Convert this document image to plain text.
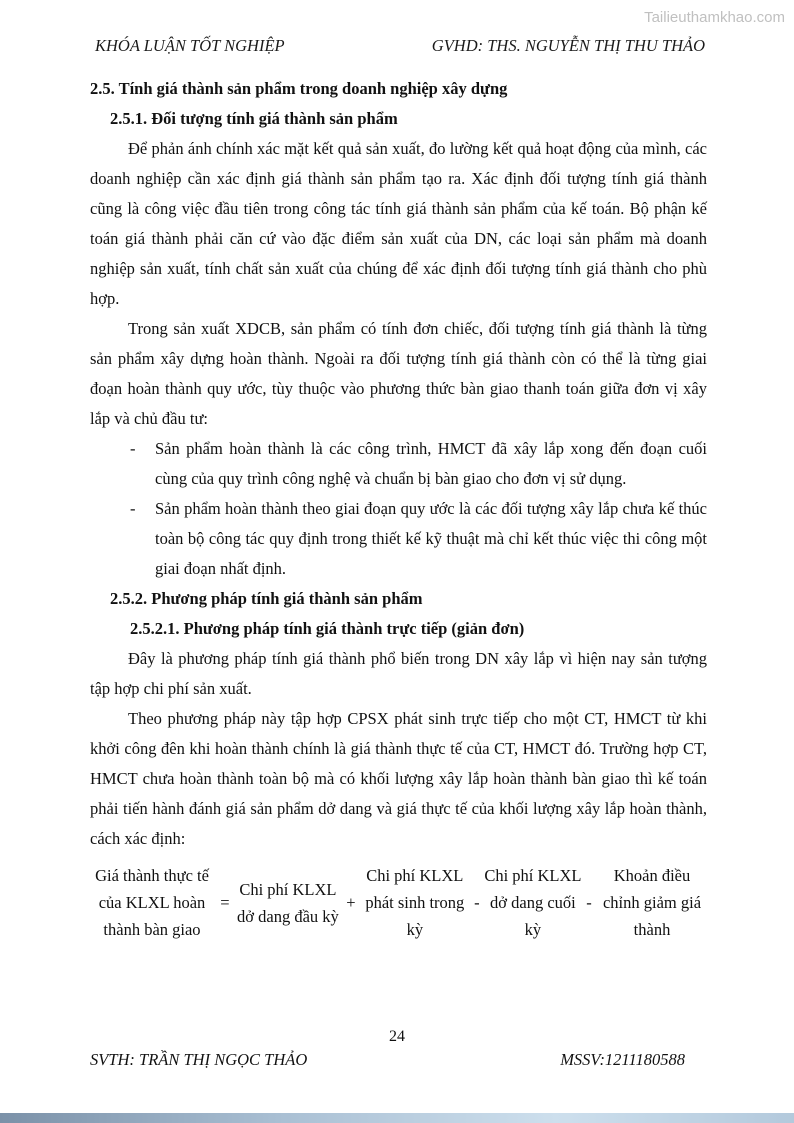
Tailieuthamkhao.com
KHÓA LUẬN TỐT NGHIỆP	GVHD: THS. NGUYỄN THỊ THU THẢO
2.5. Tính giá thành sản phẩm trong doanh nghiệp xây dựng
2.5.1. Đối tượng tính giá thành sản phẩm
Để phản ánh chính xác mặt kết quả sản xuất, đo lường kết quả hoạt động của mình, các doanh nghiệp cần xác định giá thành sản phẩm tạo ra. Xác định đối tượng tính giá thành cũng là công việc đầu tiên trong công tác tính giá thành sản phẩm của kế toán. Bộ phận kế toán giá thành phải căn cứ vào đặc điểm sản xuất của DN, các loại sản phẩm mà doanh nghiệp sản xuất, tính chất sản xuất của chúng để xác định đối tượng tính giá thành cho phù hợp.
Trong sản xuất XDCB, sản phẩm có tính đơn chiếc, đối tượng tính giá thành là từng sản phẩm xây dựng hoàn thành. Ngoài ra đối tượng tính giá thành còn có thể là từng giai đoạn hoàn thành quy ước, tùy thuộc vào phương thức bàn giao thanh toán giữa đơn vị xây lắp và chủ đầu tư:
-	Sản phẩm hoàn thành là các công trình, HMCT đã xây lắp xong đến đoạn cuối cùng của quy trình công nghệ và chuẩn bị bàn giao cho đơn vị sử dụng.
-	Sản phẩm hoàn thành theo giai đoạn quy ước là các đối tượng xây lắp chưa kế thúc toàn bộ công tác quy định trong thiết kế kỹ thuật mà chỉ kết thúc việc thi công một giai đoạn nhất định.
2.5.2. Phương pháp tính giá thành sản phẩm
2.5.2.1. Phương pháp tính giá thành trực tiếp (giản đơn)
Đây là phương pháp tính giá thành phổ biến trong DN xây lắp vì hiện nay sản tượng tập hợp chi phí sản xuất.
Theo phương pháp này tập hợp CPSX phát sinh trực tiếp cho một CT, HMCT từ khi khởi công đên khi hoàn thành chính là giá thành thực tế của CT, HMCT đó. Trường hợp CT, HMCT chưa hoàn thành toàn bộ mà có khối lượng xây lắp hoàn thành bàn giao thì kế toán phải tiến hành đánh giá sản phẩm dở dang và giá thực tế của khối lượng xây lắp hoàn thành, cách xác định:
Giá thành thực tế của KLXL hoàn thành bàn giao
=
Chi phí KLXL dở dang đầu kỳ
+
Chi phí KLXL phát sinh trong kỳ
-
Chi phí KLXL dở dang cuối kỳ
-
Khoản điều chỉnh giảm giá thành
24
SVTH: TRẦN THỊ NGỌC THẢO	MSSV:1211180588
